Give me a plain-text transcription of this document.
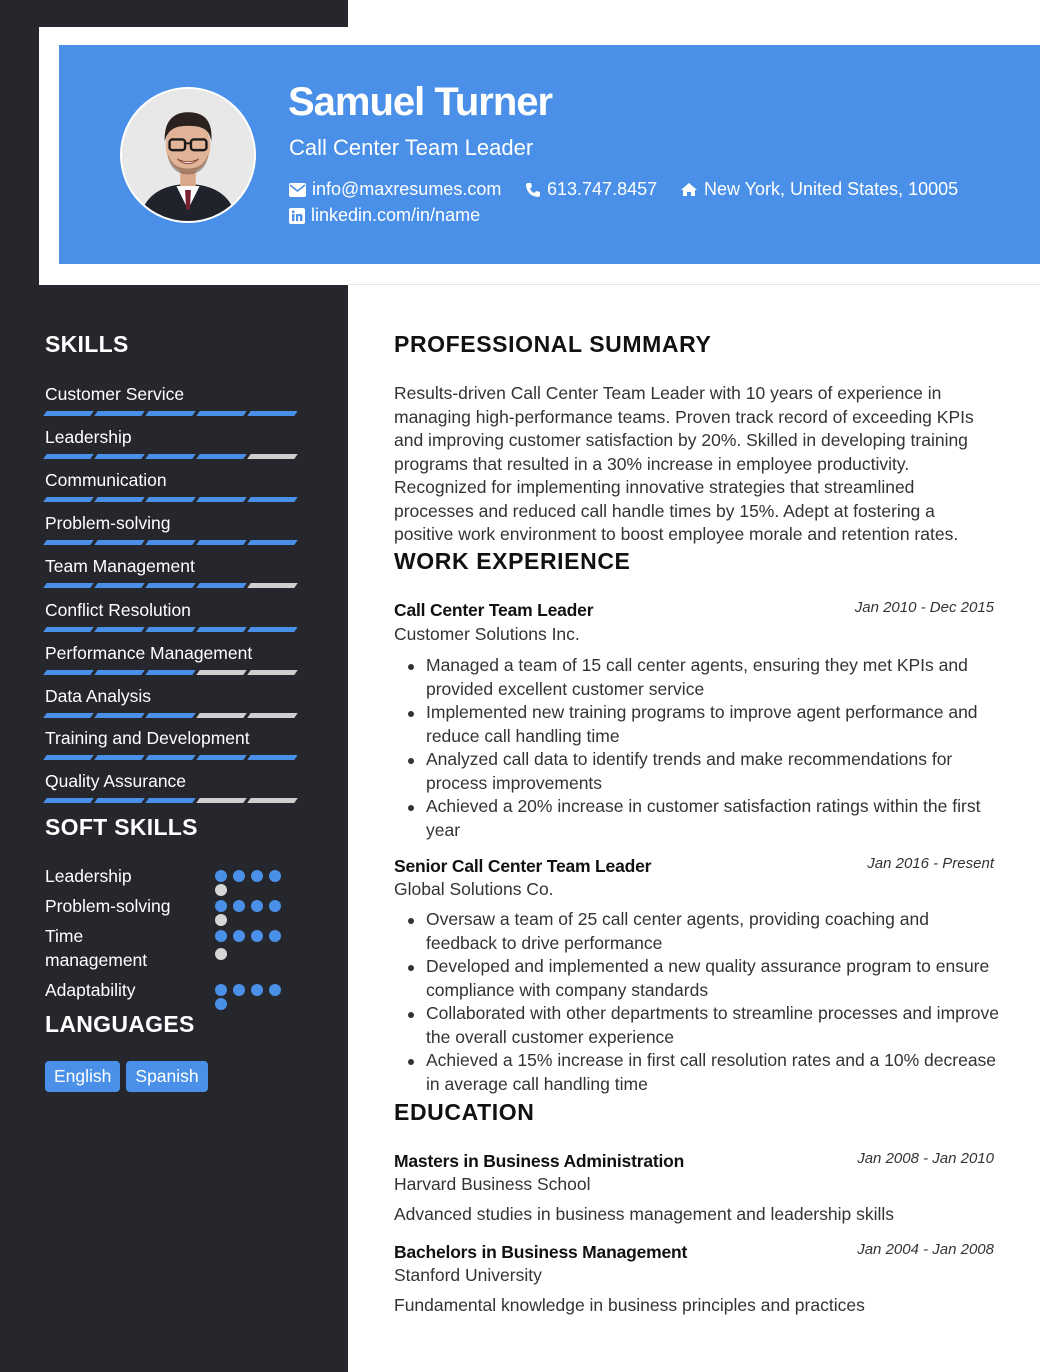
Samuel Turner
Call Center Team Leader
info@maxresumes.com	613.747.8457	New York, United States, 10005
linkedin.com/in/name
SKILLS
Customer Service
Leadership
Communication
Problem-solving
Team Management
Conflict Resolution
Performance Management
Data Analysis
Training and Development
Quality Assurance
SOFT SKILLS
Leadership
Problem-solving
Time management
Adaptability
LANGUAGES
English	Spanish
PROFESSIONAL SUMMARY
Results-driven Call Center Team Leader with 10 years of experience in managing high-performance teams. Proven track record of exceeding KPIs and improving customer satisfaction by 20%. Skilled in developing training programs that resulted in a 30% increase in employee productivity. Recognized for implementing innovative strategies that streamlined processes and reduced call handle times by 15%. Adept at fostering a positive work environment to boost employee morale and retention rates.
WORK EXPERIENCE
Call Center Team Leader	Jan 2010 - Dec 2015
Customer Solutions Inc.
Managed a team of 15 call center agents, ensuring they met KPIs and provided excellent customer service
Implemented new training programs to improve agent performance and reduce call handling time
Analyzed call data to identify trends and make recommendations for process improvements
Achieved a 20% increase in customer satisfaction ratings within the first year
Senior Call Center Team Leader	Jan 2016 - Present
Global Solutions Co.
Oversaw a team of 25 call center agents, providing coaching and feedback to drive performance
Developed and implemented a new quality assurance program to ensure compliance with company standards
Collaborated with other departments to streamline processes and improve the overall customer experience
Achieved a 15% increase in first call resolution rates and a 10% decrease in average call handling time
EDUCATION
Masters in Business Administration	Jan 2008 - Jan 2010
Harvard Business School
Advanced studies in business management and leadership skills
Bachelors in Business Management	Jan 2004 - Jan 2008
Stanford University
Fundamental knowledge in business principles and practices
